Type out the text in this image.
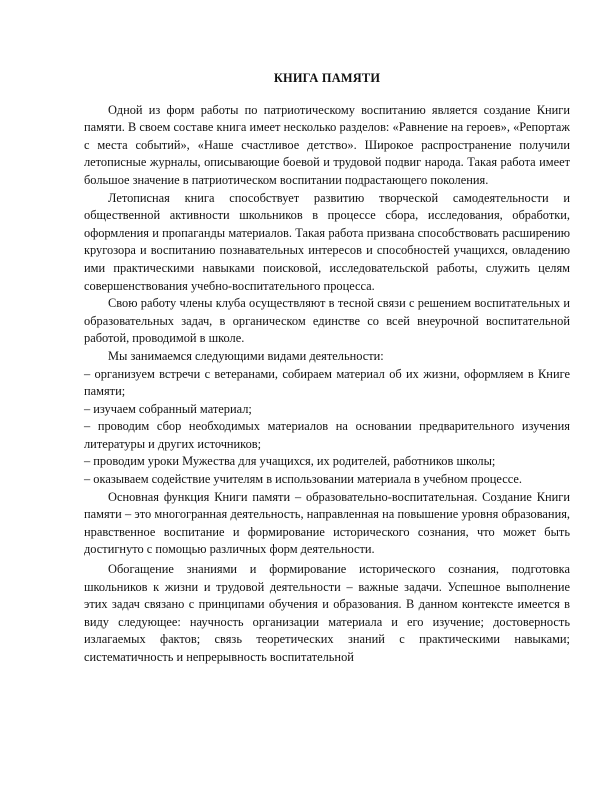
КНИГА ПАМЯТИ

Одной из форм работы по патриотическому воспитанию является создание Книги памяти. В своем составе книга имеет несколько разделов: «Равнение на героев», «Репортаж с места событий», «Наше счастливое детство». Широкое распространение получили летописные журналы, описывающие боевой и трудовой подвиг народа. Такая работа имеет большое значение в патриотическом воспитании подрастающего поколения.

Летописная книга способствует развитию творческой самодеятельности и общественной активности школьников в процессе сбора, исследования, обработки, оформления и пропаганды материалов. Такая работа призвана способствовать расширению кругозора и воспитанию познавательных интересов и способностей учащихся, овладению ими практическими навыками поисковой, исследовательской работы, служить целям совершенствования учебно-воспитательного процесса.

Свою работу члены клуба осуществляют в тесной связи с решением воспитательных и образовательных задач, в органическом единстве со всей внеурочной воспитательной работой, проводимой в школе.

Мы занимаемся следующими видами деятельности:

– организуем встречи с ветеранами, собираем материал об их жизни, оформляем в Книге памяти;

– изучаем собранный материал;

– проводим сбор необходимых материалов на основании предварительного изучения литературы и других источников;

– проводим уроки Мужества для учащихся, их родителей, работников школы;

– оказываем содействие учителям в использовании материала в учебном процессе.

Основная функция Книги памяти – образовательно-воспитательная. Создание Книги памяти – это многогранная деятельность, направленная на повышение уровня образования, нравственное воспитание и формирование исторического сознания, что может быть достигнуто с помощью различных форм деятельности.

Обогащение знаниями и формирование исторического сознания, подготовка школьников к жизни и трудовой деятельности – важные задачи. Успешное выполнение этих задач связано с принципами обучения и образования. В данном контексте имеется в виду следующее: научность организации материала и его изучение; достоверность излагаемых фактов; связь теоретических знаний с практическими навыками; систематичность и непрерывность воспитательной
